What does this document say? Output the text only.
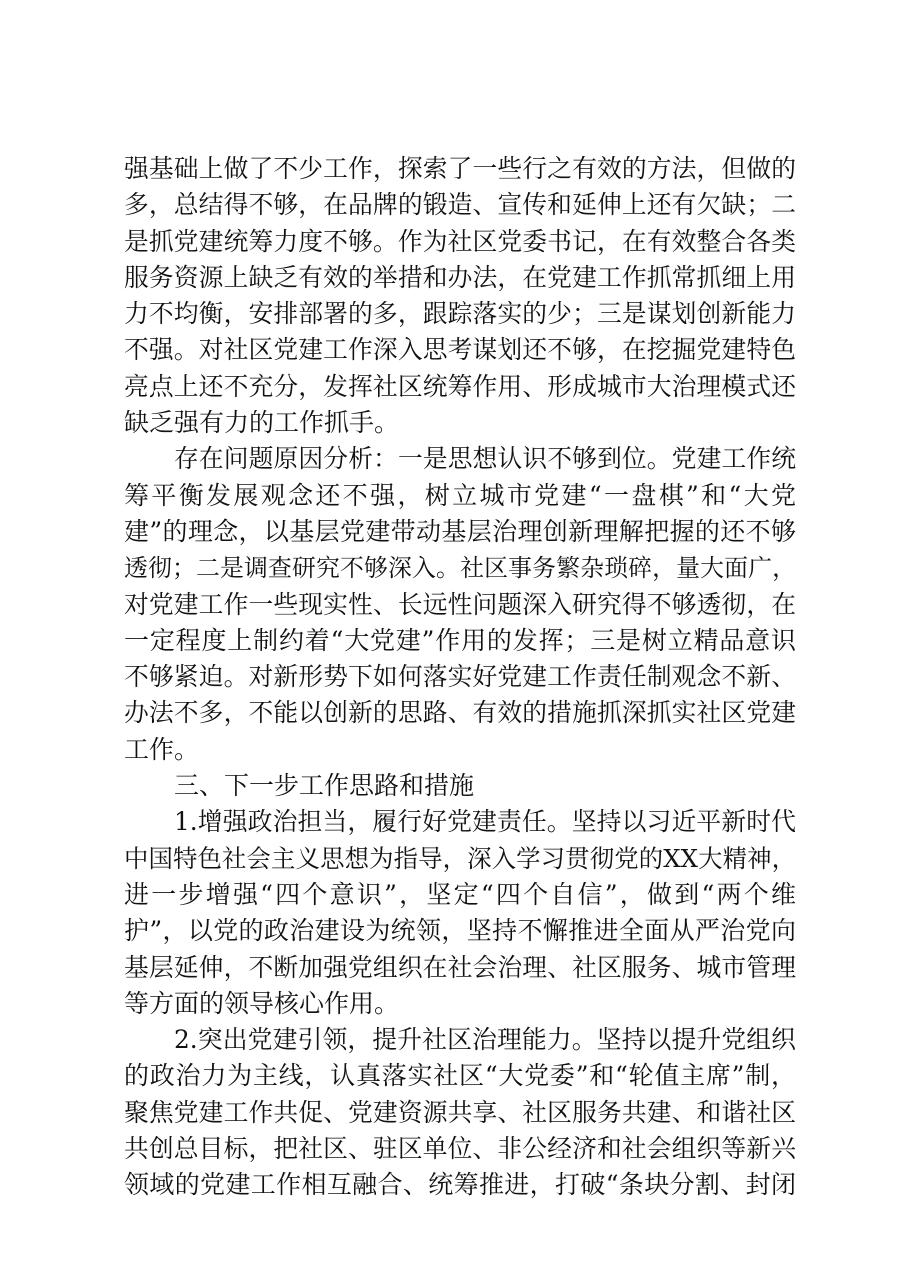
强基础上做了不少工作，探索了一些行之有效的方法，但做的
多，总结得不够，在品牌的锻造、宣传和延伸上还有欠缺；二
是抓党建统筹力度不够。作为社区党委书记，在有效整合各类
服务资源上缺乏有效的举措和办法，在党建工作抓常抓细上用
力不均衡，安排部署的多，跟踪落实的少；三是谋划创新能力
不强。对社区党建工作深入思考谋划还不够，在挖掘党建特色
亮点上还不充分，发挥社区统筹作用、形成城市大治理模式还
缺乏强有力的工作抓手。
存在问题原因分析：一是思想认识不够到位。党建工作统
筹平衡发展观念还不强，树立城市党建“一盘棋”和“大党
建”的理念，以基层党建带动基层治理创新理解把握的还不够
透彻；二是调查研究不够深入。社区事务繁杂琐碎，量大面广，
对党建工作一些现实性、长远性问题深入研究得不够透彻，在
一定程度上制约着“大党建”作用的发挥；三是树立精品意识
不够紧迫。对新形势下如何落实好党建工作责任制观念不新、
办法不多，不能以创新的思路、有效的措施抓深抓实社区党建
工作。
三、下一步工作思路和措施
1.增强政治担当，履行好党建责任。坚持以习近平新时代
中国特色社会主义思想为指导，深入学习贯彻党的XX大精神，
进一步增强“四个意识”，坚定“四个自信”，做到“两个维
护”，以党的政治建设为统领，坚持不懈推进全面从严治党向
基层延伸，不断加强党组织在社会治理、社区服务、城市管理
等方面的领导核心作用。
2.突出党建引领，提升社区治理能力。坚持以提升党组织
的政治力为主线，认真落实社区“大党委”和“轮值主席”制，
聚焦党建工作共促、党建资源共享、社区服务共建、和谐社区
共创总目标，把社区、驻区单位、非公经济和社会组织等新兴
领域的党建工作相互融合、统筹推进，打破“条块分割、封闭
